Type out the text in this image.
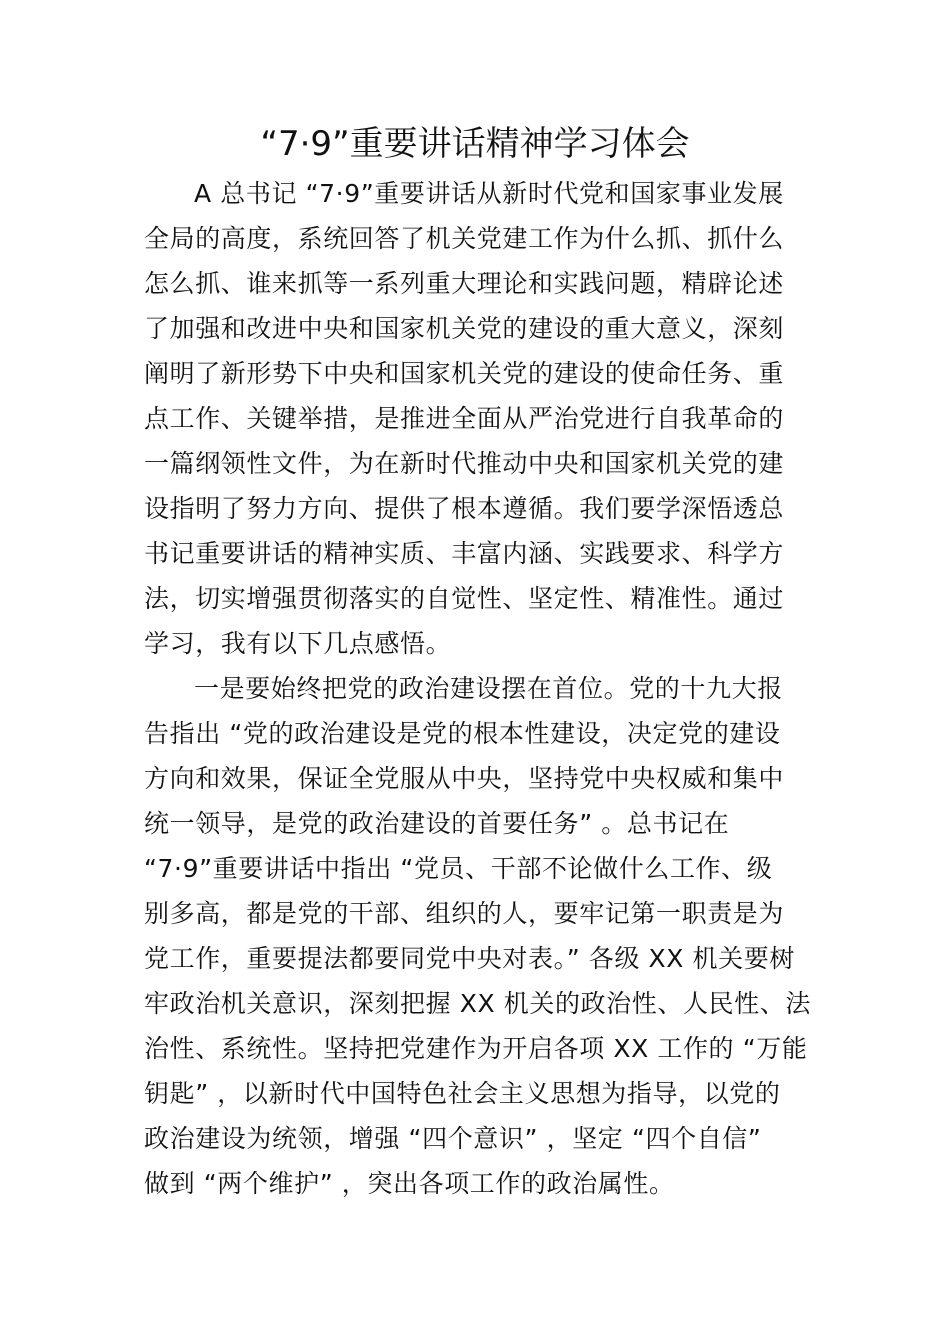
“7·9”重要讲话精神学习体会
A 总书记 “7·9”重要讲话从新时代党和国家事业发展
全局的高度，系统回答了机关党建工作为什么抓、抓什么
怎么抓、谁来抓等一系列重大理论和实践问题，精辟论述
了加强和改进中央和国家机关党的建设的重大意义，深刻
阐明了新形势下中央和国家机关党的建设的使命任务、重
点工作、关键举措，是推进全面从严治党进行自我革命的
一篇纲领性文件，为在新时代推动中央和国家机关党的建
设指明了努力方向、提供了根本遵循。我们要学深悟透总
书记重要讲话的精神实质、丰富内涵、实践要求、科学方
法，切实增强贯彻落实的自觉性、坚定性、精准性。通过
学习，我有以下几点感悟。
一是要始终把党的政治建设摆在首位。党的十九大报
告指出 “党的政治建设是党的根本性建设，决定党的建设
方向和效果，保证全党服从中央，坚持党中央权威和集中
统一领导，是党的政治建设的首要任务” 。总书记在
“7·9”重要讲话中指出 “党员、干部不论做什么工作、级
别多高，都是党的干部、组织的人，要牢记第一职责是为
党工作，重要提法都要同党中央对表。” 各级 XX 机关要树
牢政治机关意识，深刻把握 XX 机关的政治性、人民性、法
治性、系统性。坚持把党建作为开启各项 XX 工作的 “万能
钥匙” ，以新时代中国特色社会主义思想为指导，以党的
政治建设为统领，增强 “四个意识” ，坚定 “四个自信”
做到 “两个维护” ，突出各项工作的政治属性。
